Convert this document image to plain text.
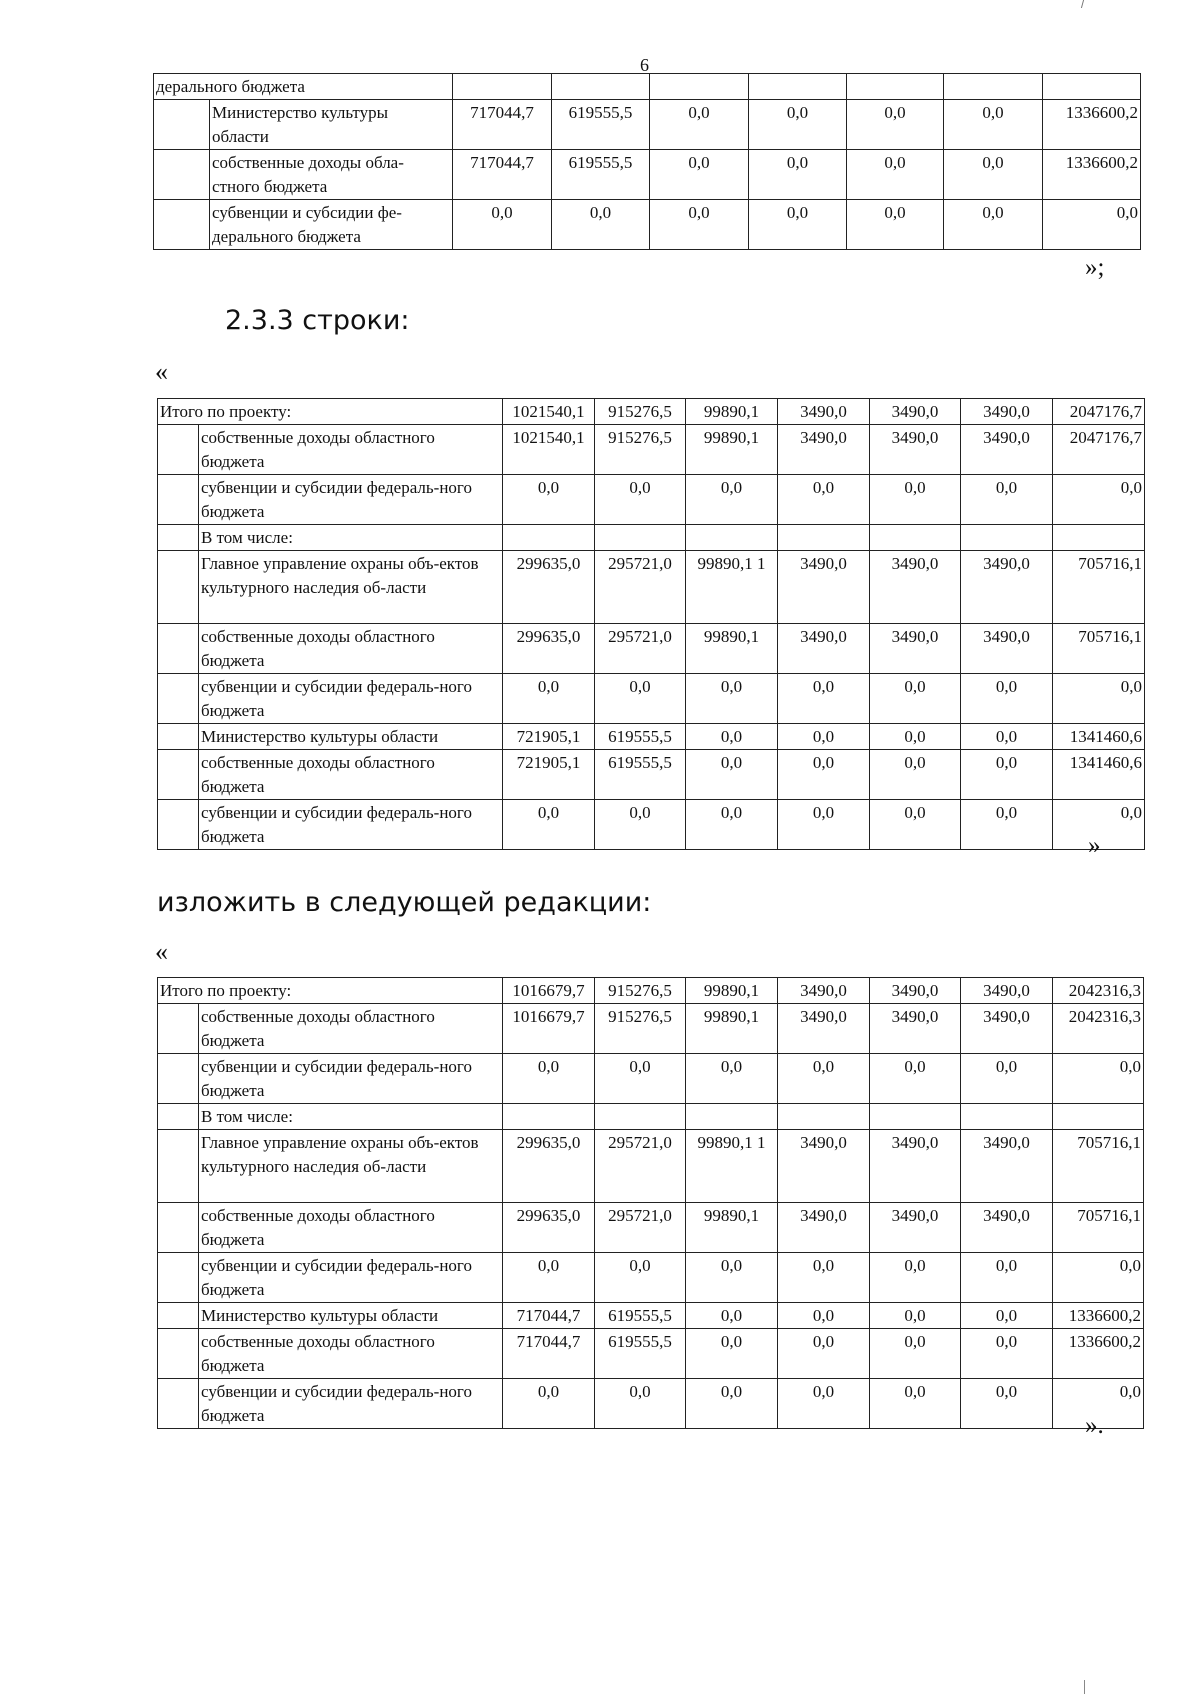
6
дерального бюджета								
	Министерство культуры области	717044,7	619555,5	0,0	0,0	0,0	0,0	1336600,2
	собственные доходы обла-стного бюджета	717044,7	619555,5	0,0	0,0	0,0	0,0	1336600,2
	субвенции и субсидии фе-дерального бюджета	0,0	0,0	0,0	0,0	0,0	0,0	0,0
»;
2.3.3 строки:
«
Итого по проекту:		1021540,1	915276,5	99890,1	3490,0	3490,0	3490,0	2047176,7
	собственные доходы областного бюджета	1021540,1	915276,5	99890,1	3490,0	3490,0	3490,0	2047176,7
	субвенции и субсидии федераль-ного бюджета	0,0	0,0	0,0	0,0	0,0	0,0	0,0
	В том числе:							
	Главное управление охраны объ-ектов культурного наследия об-ласти	299635,0	295721,0	99890,1 1	3490,0	3490,0	3490,0	705716,1
	собственные доходы областного бюджета	299635,0	295721,0	99890,1	3490,0	3490,0	3490,0	705716,1
	субвенции и субсидии федераль-ного бюджета	0,0	0,0	0,0	0,0	0,0	0,0	0,0
	Министерство культуры области	721905,1	619555,5	0,0	0,0	0,0	0,0	1341460,6
	собственные доходы областного бюджета	721905,1	619555,5	0,0	0,0	0,0	0,0	1341460,6
	субвенции и субсидии федераль-ного бюджета	0,0	0,0	0,0	0,0	0,0	0,0	0,0
»
изложить в следующей редакции:
«
Итого по проекту:		1016679,7	915276,5	99890,1	3490,0	3490,0	3490,0	2042316,3
	собственные доходы областного бюджета	1016679,7	915276,5	99890,1	3490,0	3490,0	3490,0	2042316,3
	субвенции и субсидии федераль-ного бюджета	0,0	0,0	0,0	0,0	0,0	0,0	0,0
	В том числе:							
	Главное управление охраны объ-ектов культурного наследия об-ласти	299635,0	295721,0	99890,1 1	3490,0	3490,0	3490,0	705716,1
	собственные доходы областного бюджета	299635,0	295721,0	99890,1	3490,0	3490,0	3490,0	705716,1
	субвенции и субсидии федераль-ного бюджета	0,0	0,0	0,0	0,0	0,0	0,0	0,0
	Министерство культуры области	717044,7	619555,5	0,0	0,0	0,0	0,0	1336600,2
	собственные доходы областного бюджета	717044,7	619555,5	0,0	0,0	0,0	0,0	1336600,2
	субвенции и субсидии федераль-ного бюджета	0,0	0,0	0,0	0,0	0,0	0,0	0,0
».
